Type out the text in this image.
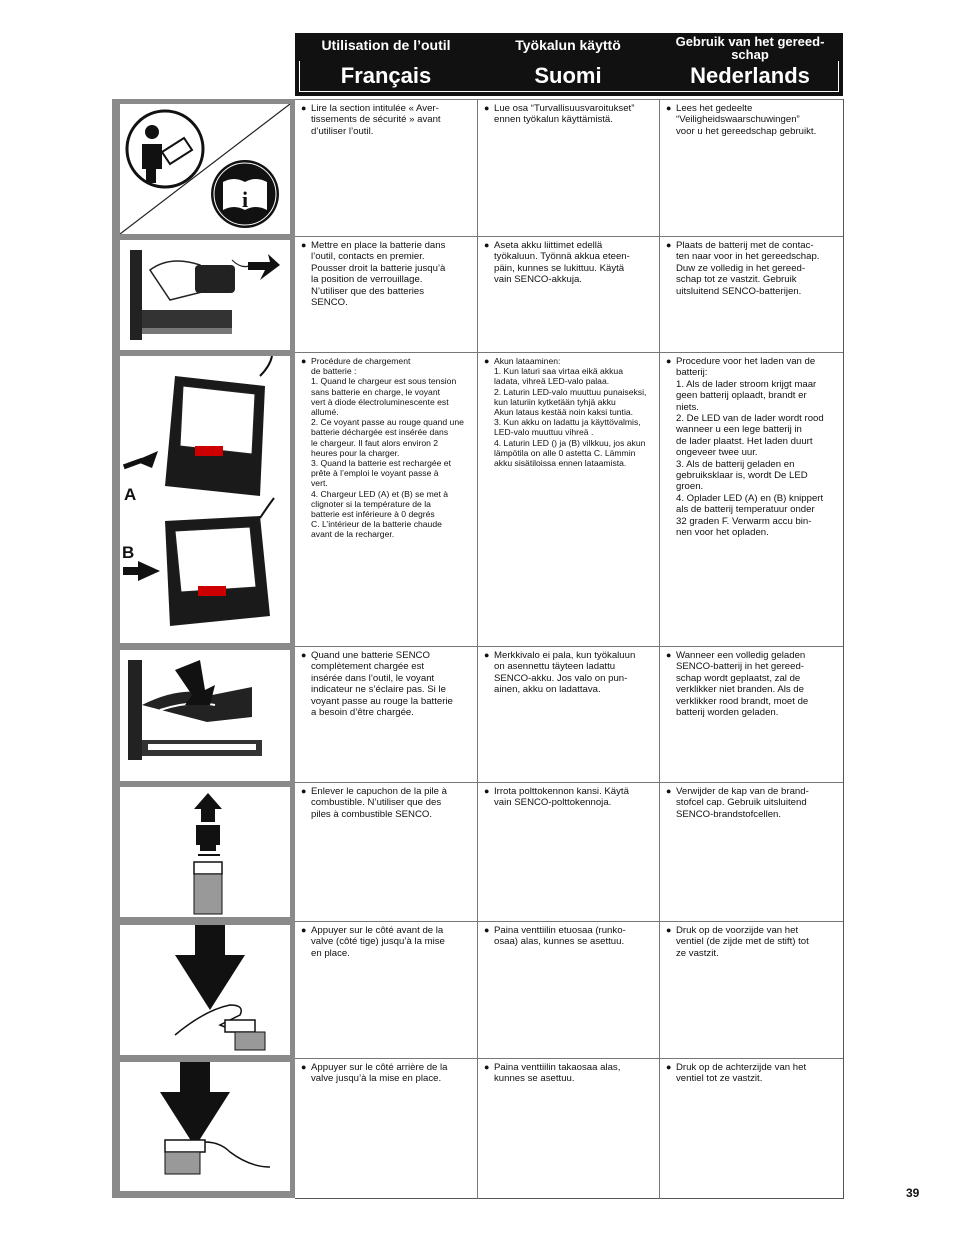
Utilisation de l’outil
Français
Työkalun käyttö
Suomi
Gebruik van het gereed-
schap
Nederlands
i
A
B
● Lire la section intitulée « Aver-
tissements de sécurité » avant
d’utiliser l’outil.
● Lue osa “Turvallisuusvaroitukset”
ennen työkalun käyttämistä.
● Lees het gedeelte
“Veiligheidswaarschuwingen”
voor u het gereedschap gebruikt.
● Mettre en place la batterie dans
l’outil, contacts en premier.
Pousser droit la batterie jusqu’à
la position de verrouillage.
N’utiliser que des batteries
SENCO.
● Aseta akku liittimet edellä
työkaluun. Työnnä akkua eteen-
päin, kunnes se lukittuu. Käytä
vain SENCO-akkuja.
● Plaats de batterij met de contac-
ten naar voor in het gereedschap.
Duw ze volledig in het gereed-
schap tot ze vastzit. Gebruik
uitsluitend SENCO-batterijen.
● Procédure de chargement
de batterie :
1. Quand le chargeur est sous tension
sans batterie en charge, le voyant
vert à diode électroluminescente est
allumé.
2. Ce voyant passe au rouge quand une
batterie déchargée est insérée dans
le chargeur. Il faut alors environ 2
heures pour la charger.
3. Quand la batterie est rechargée et
prête à l’emploi le voyant passe à
vert.
4. Chargeur LED (A) et (B) se met à
clignoter si la température de la
batterie est inférieure à 0 degrés
C. L’intérieur de la batterie chaude
avant de la recharger.
● Akun lataaminen:
1. Kun laturi saa virtaa eikä akkua
ladata, vihreä LED-valo palaa.
2. Laturin LED-valo muuttuu punaiseksi,
kun laturiin kytketään tyhjä akku
Akun lataus kestää noin kaksi tuntia.
3. Kun akku on ladattu ja käyttövalmis,
LED-valo muuttuu vihreä .
4. Laturin LED () ja (B) vilkkuu, jos akun
lämpötila on alle 0 astetta C. Lämmin
akku sisätiloissa ennen lataamista.
● Procedure voor het laden van de
batterij:
1. Als de lader stroom krijgt maar
geen batterij oplaadt, brandt er
niets.
2. De LED van de lader wordt rood
wanneer u een lege batterij in
de lader plaatst. Het laden duurt
ongeveer twee uur.
3. Als de batterij geladen en
gebruiksklaar is, wordt De LED
groen.
4. Oplader LED (A) en (B) knippert
als de batterij temperatuur onder
32 graden F. Verwarm accu bin-
nen voor het opladen.
● Quand une batterie SENCO
complètement chargée est
insérée dans l’outil, le voyant
indicateur ne s’éclaire pas. Si le
voyant passe au rouge la batterie
a besoin d’être chargée.
● Merkkivalo ei pala, kun työkaluun
on asennettu täyteen ladattu
SENCO-akku. Jos valo on pun-
ainen, akku on ladattava.
● Wanneer een volledig geladen
SENCO-batterij in het gereed-
schap wordt geplaatst, zal de
verklikker niet branden. Als de
verklikker rood brandt, moet de
batterij worden geladen.
● Enlever le capuchon de la pile à
combustible. N’utiliser que des
piles à combustible SENCO.
● Irrota polttokennon kansi. Käytä
vain SENCO-polttokennoja.
● Verwijder de kap van de brand-
stofcel cap. Gebruik uitsluitend
SENCO-brandstofcellen.
● Appuyer sur le côté avant de la
valve (côté tige) jusqu’à la mise
en place.
● Paina venttiilin etuosaa (runko-
osaa) alas, kunnes se asettuu.
● Druk op de voorzijde van het
ventiel (de zijde met de stift) tot
ze vastzit.
● Appuyer sur le côté arrière de la
valve jusqu’à la mise en place.
● Paina venttiilin takaosaa alas,
kunnes se asettuu.
● Druk op de achterzijde van het
ventiel tot ze vastzit.
39
